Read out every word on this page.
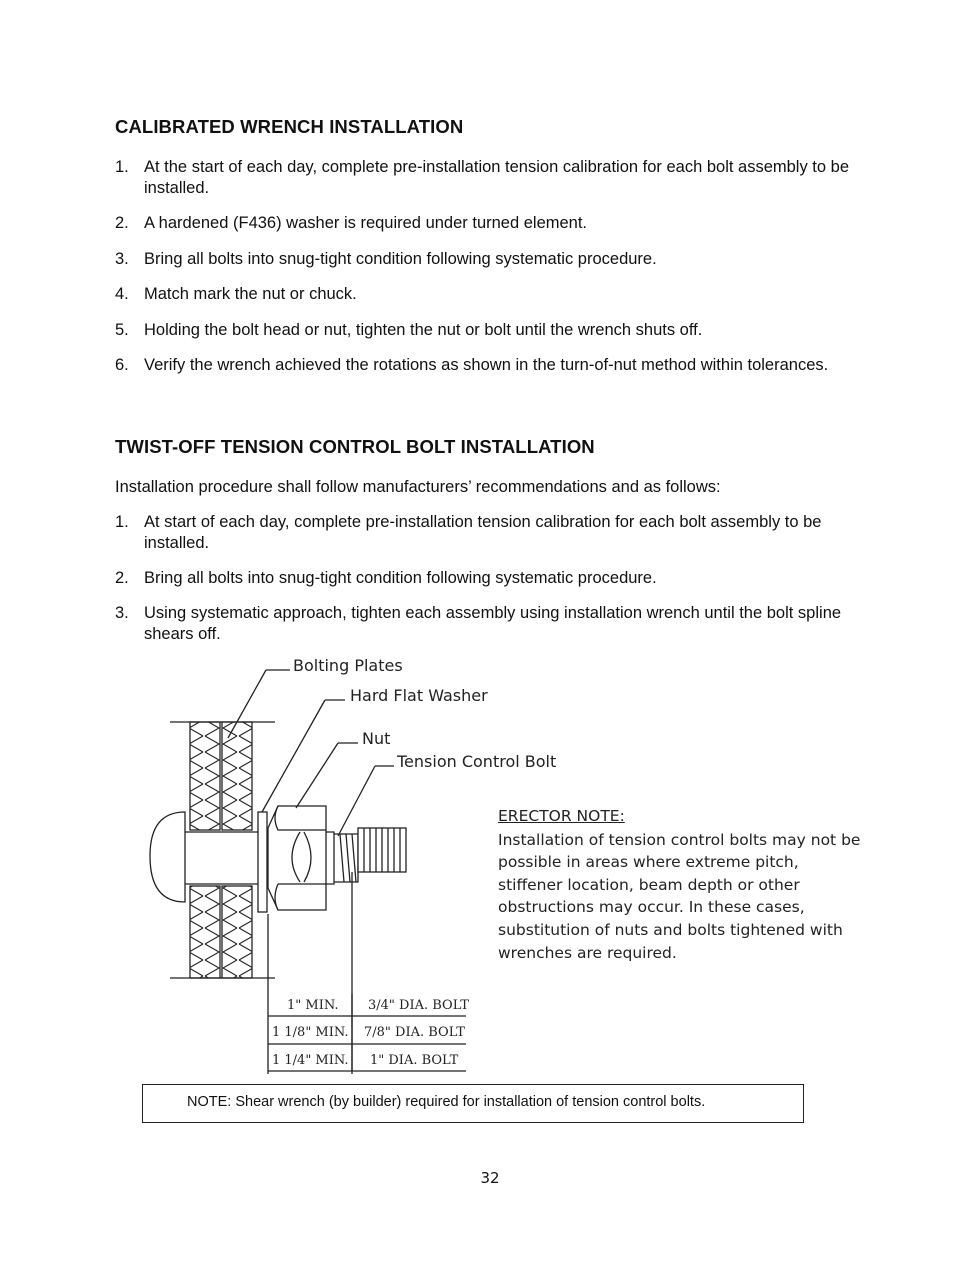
CALIBRATED WRENCH INSTALLATION
1. At the start of each day, complete pre-installation tension calibration for each bolt assembly to be installed.
2. A hardened (F436) washer is required under turned element.
3. Bring all bolts into snug-tight condition following systematic procedure.
4. Match mark the nut or chuck.
5. Holding the bolt head or nut, tighten the nut or bolt until the wrench shuts off.
6. Verify the wrench achieved the rotations as shown in the turn-of-nut method within tolerances.
TWIST-OFF TENSION CONTROL BOLT INSTALLATION
Installation procedure shall follow manufacturers’ recommendations and as follows:
1. At start of each day, complete pre-installation tension calibration for each bolt assembly to be installed.
2. Bring all bolts into snug-tight condition following systematic procedure.
3. Using systematic approach, tighten each assembly using installation wrench until the bolt spline shears off.
Bolting Plates
Hard Flat Washer
Nut
Tension Control Bolt
1" MIN. 3/4" DIA. BOLT
1 1/8" MIN. 7/8" DIA. BOLT
1 1/4" MIN. 1" DIA. BOLT
ERECTOR NOTE:
Installation of tension control bolts may not be possible in areas where extreme pitch, stiffener location, beam depth or other obstructions may occur. In these cases, substitution of nuts and bolts tightened with wrenches are required.
NOTE: Shear wrench (by builder) required for installation of tension control bolts.
32
